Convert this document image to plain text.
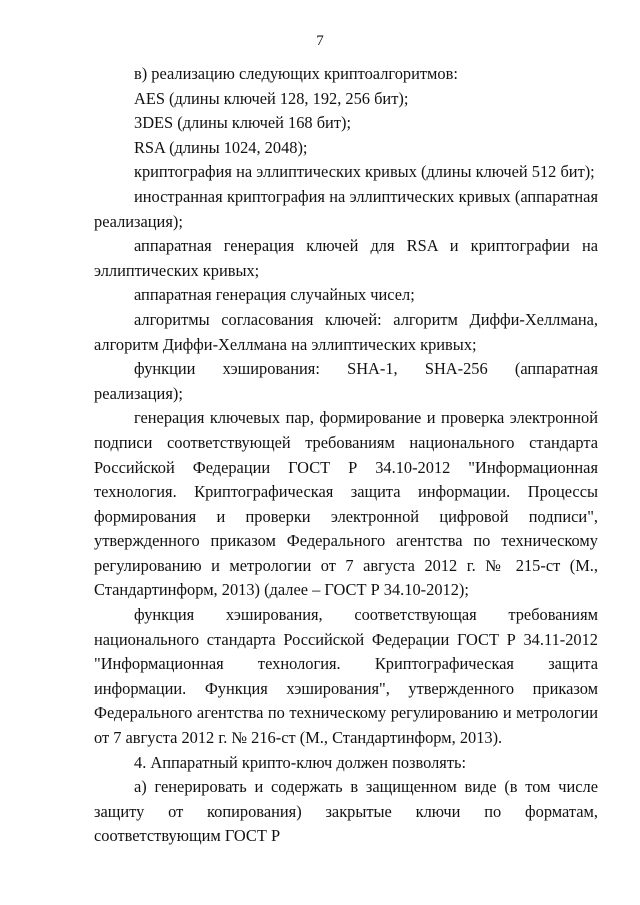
7

в) реализацию следующих криптоалгоритмов:

AES (длины ключей 128, 192, 256 бит);

3DES (длины ключей 168 бит);

RSA (длины 1024, 2048);

криптография на эллиптических кривых (длины ключей 512 бит);

иностранная криптография на эллиптических кривых (аппаратная реализация);

аппаратная генерация ключей для RSA и криптографии на эллиптических кривых;

аппаратная генерация случайных чисел;

алгоритмы согласования ключей: алгоритм Диффи-Хеллмана, алгоритм Диффи-Хеллмана на эллиптических кривых;

функции хэширования: SHA-1, SHA-256 (аппаратная реализация);

генерация ключевых пар, формирование и проверка электронной подписи соответствующей требованиям национального стандарта Российской Федерации ГОСТ Р 34.10-2012 "Информационная технология. Криптографическая защита информации. Процессы формирования и проверки электронной цифровой подписи", утвержденного приказом Федерального агентства по техническому регулированию и метрологии от 7 августа 2012 г. № 215-ст (М., Стандартинформ, 2013) (далее – ГОСТ Р 34.10-2012);

функция хэширования, соответствующая требованиям национального стандарта Российской Федерации ГОСТ Р 34.11-2012 "Информационная технология. Криптографическая защита информации. Функция хэширования", утвержденного приказом Федерального агентства по техническому регулированию и метрологии от 7 августа 2012 г. № 216-ст (М., Стандартинформ, 2013).

4. Аппаратный крипто-ключ должен позволять:

а) генерировать и содержать в защищенном виде (в том числе защиту от копирования) закрытые ключи по форматам, соответствующим ГОСТ Р
